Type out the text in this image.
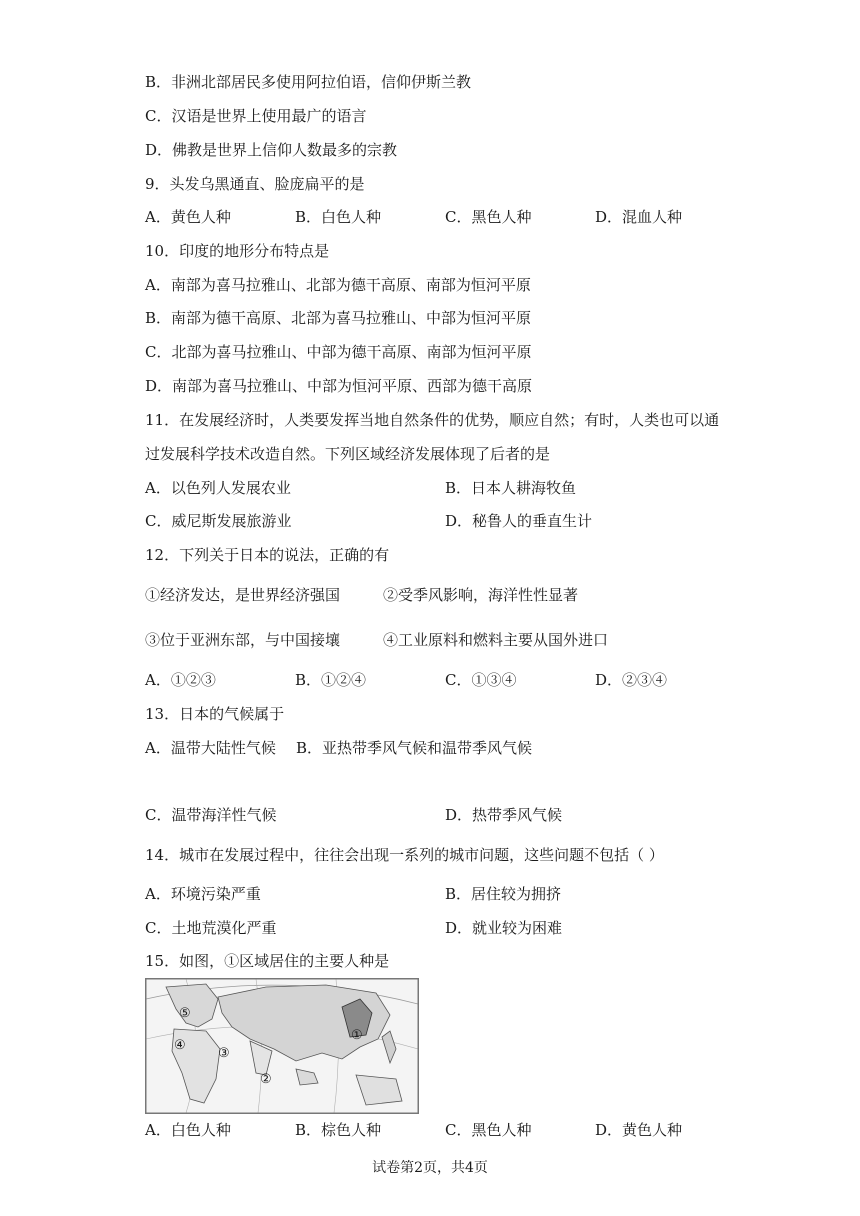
B．非洲北部居民多使用阿拉伯语，信仰伊斯兰教
C．汉语是世界上使用最广的语言
D．佛教是世界上信仰人数最多的宗教
9．头发乌黑通直、脸庞扁平的是
A．黄色人种	B．白色人种	C．黑色人种	D．混血人种
10．印度的地形分布特点是
A．南部为喜马拉雅山、北部为德干高原、南部为恒河平原
B．南部为德干高原、北部为喜马拉雅山、中部为恒河平原
C．北部为喜马拉雅山、中部为德干高原、南部为恒河平原
D．南部为喜马拉雅山、中部为恒河平原、西部为德干高原
11．在发展经济时，人类要发挥当地自然条件的优势，顺应自然；有时，人类也可以通
过发展科学技术改造自然。下列区域经济发展体现了后者的是
A．以色列人发展农业	B．日本人耕海牧鱼
C．威尼斯发展旅游业	D．秘鲁人的垂直生计
12．下列关于日本的说法，正确的有
①经济发达，是世界经济强国	②受季风影响，海洋性性显著
③位于亚洲东部，与中国接壤	④工业原料和燃料主要从国外进口
A．①②③	B．①②④	C．①③④	D．②③④
13．日本的气候属于
A．温带大陆性气候 B．亚热带季风气候和温带季风气候
C．温带海洋性气候	D．热带季风气候
14．城市在发展过程中，往往会出现一系列的城市问题，这些问题不包括（ ）
A．环境污染严重	B．居住较为拥挤
C．土地荒漠化严重	D．就业较为困难
15．如图，①区域居住的主要人种是
⑤
④
③
②
①
A．白色人种	B．棕色人种	C．黑色人种	D．黄色人种
试卷第2页，共4页
